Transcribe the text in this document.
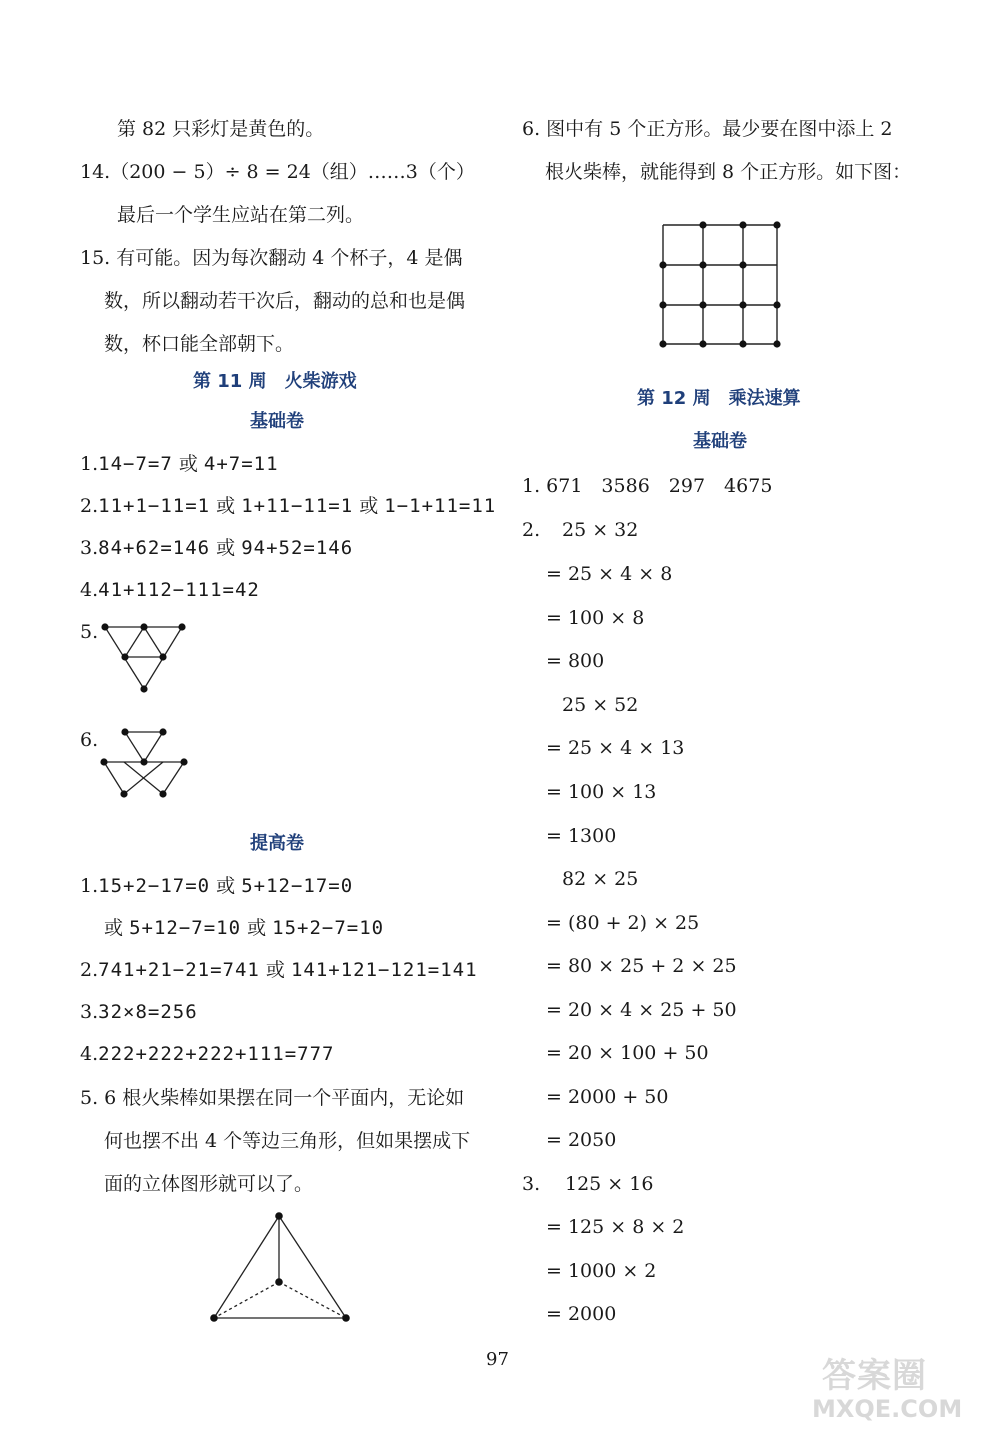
第 82 只彩灯是黄色的。
14.（200 − 5）÷ 8 = 24（组）……3（个）
最后一个学生应站在第二列。
15. 有可能。因为每次翻动 4 个杯子，4 是偶
数，所以翻动若干次后，翻动的总和也是偶
数，杯口能全部朝下。
第 11 周　火柴游戏
基础卷
1.14−7=7 或 4+7=11
2.11+1−11=1 或 1+11−11=1 或 1−1+11=11
3.84+62=146 或 94+52=146
4.41+112−111=42
5.
6.
提高卷
1.15+2−17=0 或 5+12−17=0
或 5+12−7=10 或 15+2−7=10
2.741+21−21=741 或 141+121−121=141
3.32×8=256
4.222+222+222+111=777
5. 6 根火柴棒如果摆在同一个平面内，无论如
何也摆不出 4 个等边三角形，但如果摆成下
面的立体图形就可以了。
6. 图中有 5 个正方形。最少要在图中添上 2
根火柴棒，就能得到 8 个正方形。如下图：
第 12 周　乘法速算
基础卷
1. 671　3586　297　4675
2. 25 × 32
= 25 × 4 × 8
= 100 × 8
= 800
25 × 52
= 25 × 4 × 13
= 100 × 13
= 1300
82 × 25
= (80 + 2) × 25
= 80 × 25 + 2 × 25
= 20 × 4 × 25 + 50
= 20 × 100 + 50
= 2000 + 50
= 2050
3. 125 × 16
= 125 × 8 × 2
= 1000 × 2
= 2000
97	答案圈
MXQE.COM
